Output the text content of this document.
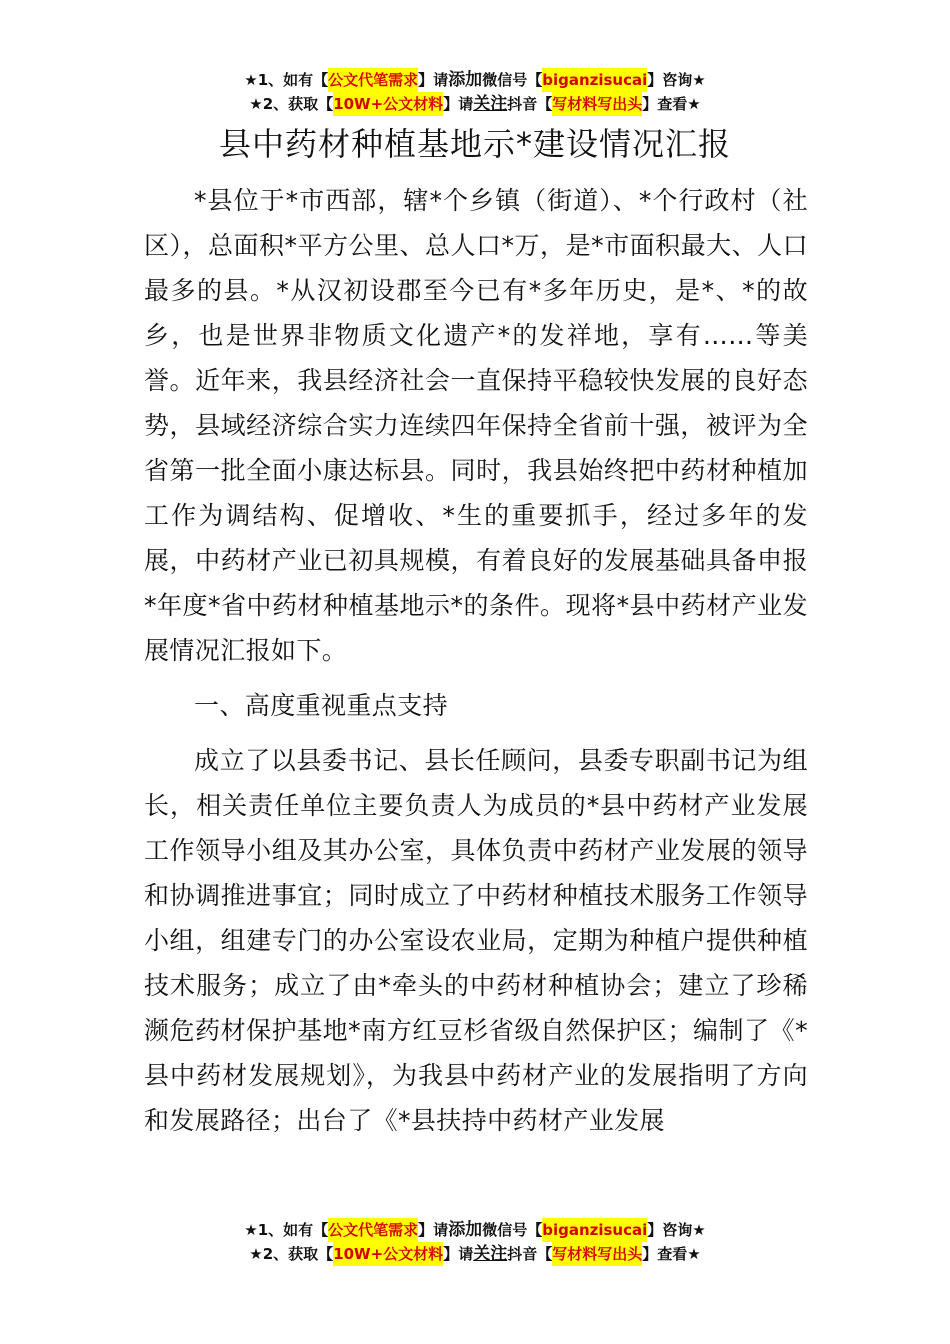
★1、如有【 公文代笔需求 】请 添加 微信号【 biganzisucai 】咨询★
★2、获取【 10W+公文材料 】请 关注 抖音【 写材料写出头 】查看★
县中药材种植基地示*建设情况汇报

*县位于*市西部，辖*个乡镇（街道）、*个行政村（社区），总面积*平方公里、总人口*万，是*市面积最大、人口最多的县。*从汉初设郡至今已有*多年历史，是*、*的故乡，也是世界非物质文化遗产*的发祥地，享有……等美誉。近年来，我县经济社会一直保持平稳较快发展的良好态势，县域经济综合实力连续四年保持全省前十强，被评为全省第一批全面小康达标县。同时，我县始终把中药材种植加工作为调结构、促增收、*生的重要抓手，经过多年的发展，中药材产业已初具规模，有着良好的发展基础具备申报*年度*省中药材种植基地示*的条件。现将*县中药材产业发展情况汇报如下。

一、高度重视重点支持

成立了以县委书记、县长任顾问，县委专职副书记为组长，相关责任单位主要负责人为成员的*县中药材产业发展工作领导小组及其办公室，具体负责中药材产业发展的领导和协调推进事宜；同时成立了中药材种植技术服务工作领导小组，组建专门的办公室设农业局，定期为种植户提供种植技术服务；成立了由*牵头的中药材种植协会；建立了珍稀濒危药材保护基地*南方红豆杉省级自然保护区；编制了《*县中药材发展规划》，为我县中药材产业的发展指明了方向和发展路径；出台了《*县扶持中药材产业发展

★1、如有【 公文代笔需求 】请 添加 微信号【 biganzisucai 】咨询★
★2、获取【 10W+公文材料 】请 关注 抖音【 写材料写出头 】查看★
